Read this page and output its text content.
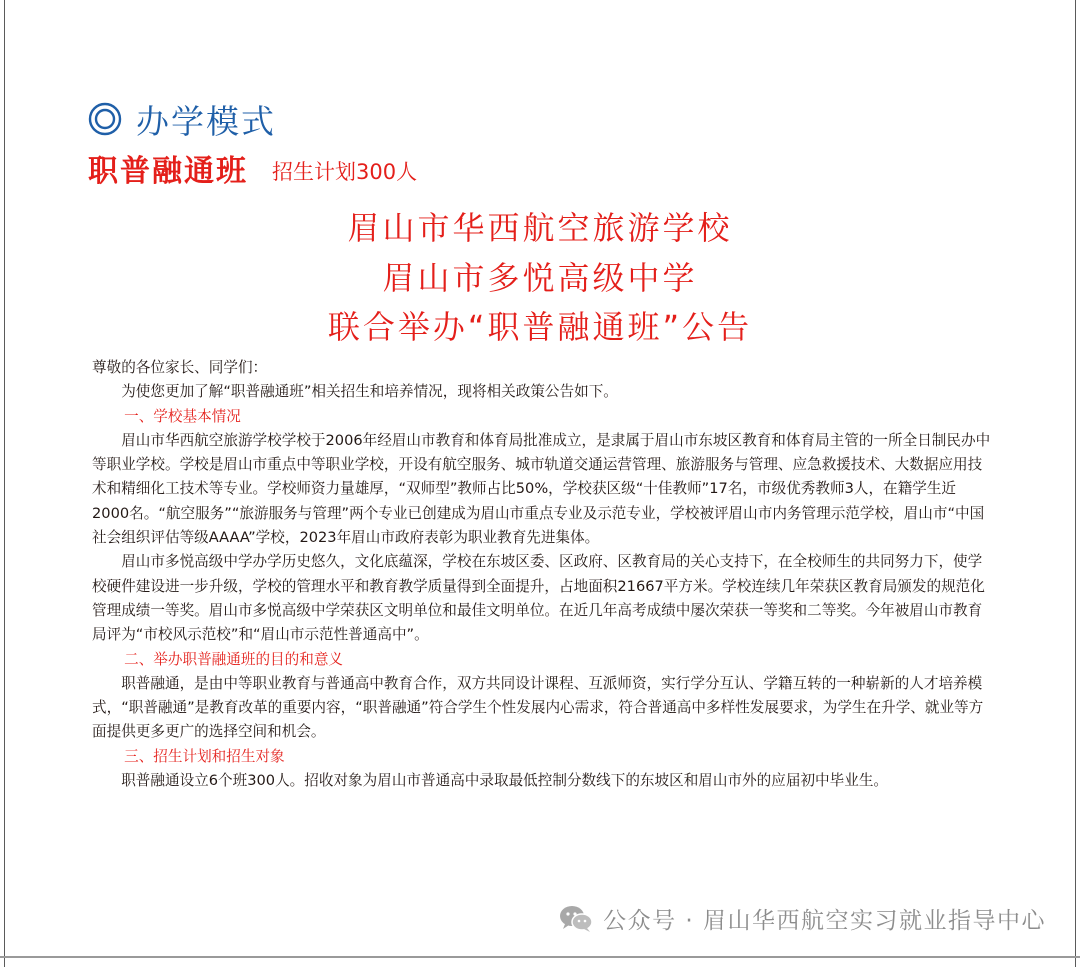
办学模式
职普融通班 招生计划300人
眉山市华西航空旅游学校
眉山市多悦高级中学
联合举办“职普融通班”公告

尊敬的各位家长、同学们：

为使您更加了解“职普融通班”相关招生和培养情况，现将相关政策公告如下。

一、学校基本情况

眉山市华西航空旅游学校学校于2006年经眉山市教育和体育局批准成立，是隶属于眉山市东坡区教育和体育局主管的一所全日制民办中等职业学校。学校是眉山市重点中等职业学校，开设有航空服务、城市轨道交通运营管理、旅游服务与管理、应急救援技术、大数据应用技术和精细化工技术等专业。学校师资力量雄厚，“双师型”教师占比50%，学校获区级“十佳教师”17名，市级优秀教师3人，在籍学生近2000名。“航空服务”“旅游服务与管理”两个专业已创建成为眉山市重点专业及示范专业，学校被评眉山市内务管理示范学校，眉山市“中国社会组织评估等级AAAA”学校，2023年眉山市政府表彰为职业教育先进集体。

眉山市多悦高级中学办学历史悠久，文化底蕴深，学校在东坡区委、区政府、区教育局的关心支持下，在全校师生的共同努力下，使学校硬件建设进一步升级，学校的管理水平和教育教学质量得到全面提升，占地面积21667平方米。学校连续几年荣获区教育局颁发的规范化管理成绩一等奖。眉山市多悦高级中学荣获区文明单位和最佳文明单位。在近几年高考成绩中屡次荣获一等奖和二等奖。今年被眉山市教育局评为“市校风示范校”和“眉山市示范性普通高中”。

二、举办职普融通班的目的和意义

职普融通，是由中等职业教育与普通高中教育合作，双方共同设计课程、互派师资，实行学分互认、学籍互转的一种崭新的人才培养模式，“职普融通”是教育改革的重要内容，“职普融通”符合学生个性发展内心需求，符合普通高中多样性发展要求，为学生在升学、就业等方面提供更多更广的选择空间和机会。

三、招生计划和招生对象

职普融通设立6个班300人。招收对象为眉山市普通高中录取最低控制分数线下的东坡区和眉山市外的应届初中毕业生。

公众号 · 眉山华西航空实习就业指导中心
